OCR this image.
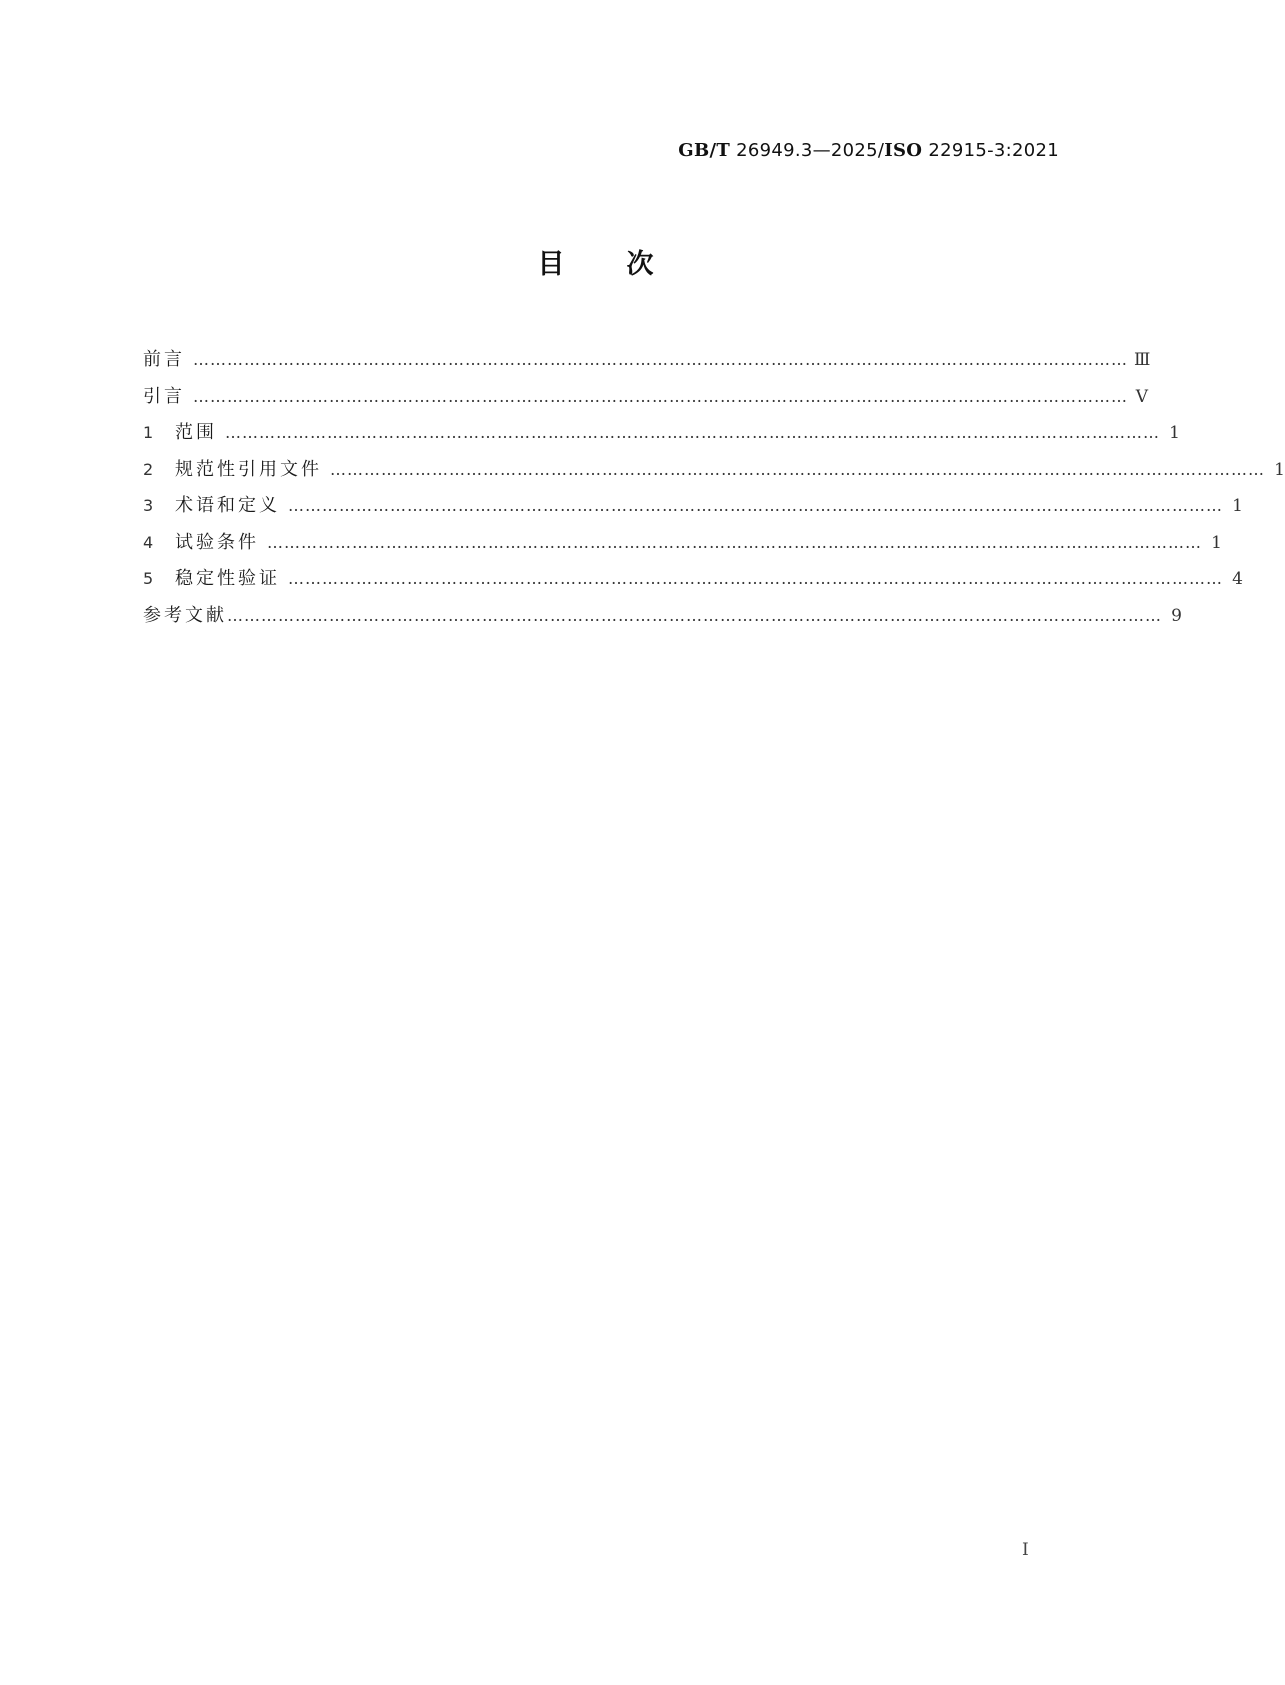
GB/T 26949.3—2025/ISO 22915-3:2021
目次
前言 ………………………………………………………………………………………………………………………………………………… Ⅲ
引言 ………………………………………………………………………………………………………………………………………………… Ⅴ
1	范围 ………………………………………………………………………………………………………………………………………………… 1
2	规范性引用文件 ………………………………………………………………………………………………………………………………………………… 1
3	术语和定义 ………………………………………………………………………………………………………………………………………………… 1
4	试验条件 ………………………………………………………………………………………………………………………………………………… 1
5	稳定性验证 ………………………………………………………………………………………………………………………………………………… 4
参考文献 ………………………………………………………………………………………………………………………………………………… 9
I
